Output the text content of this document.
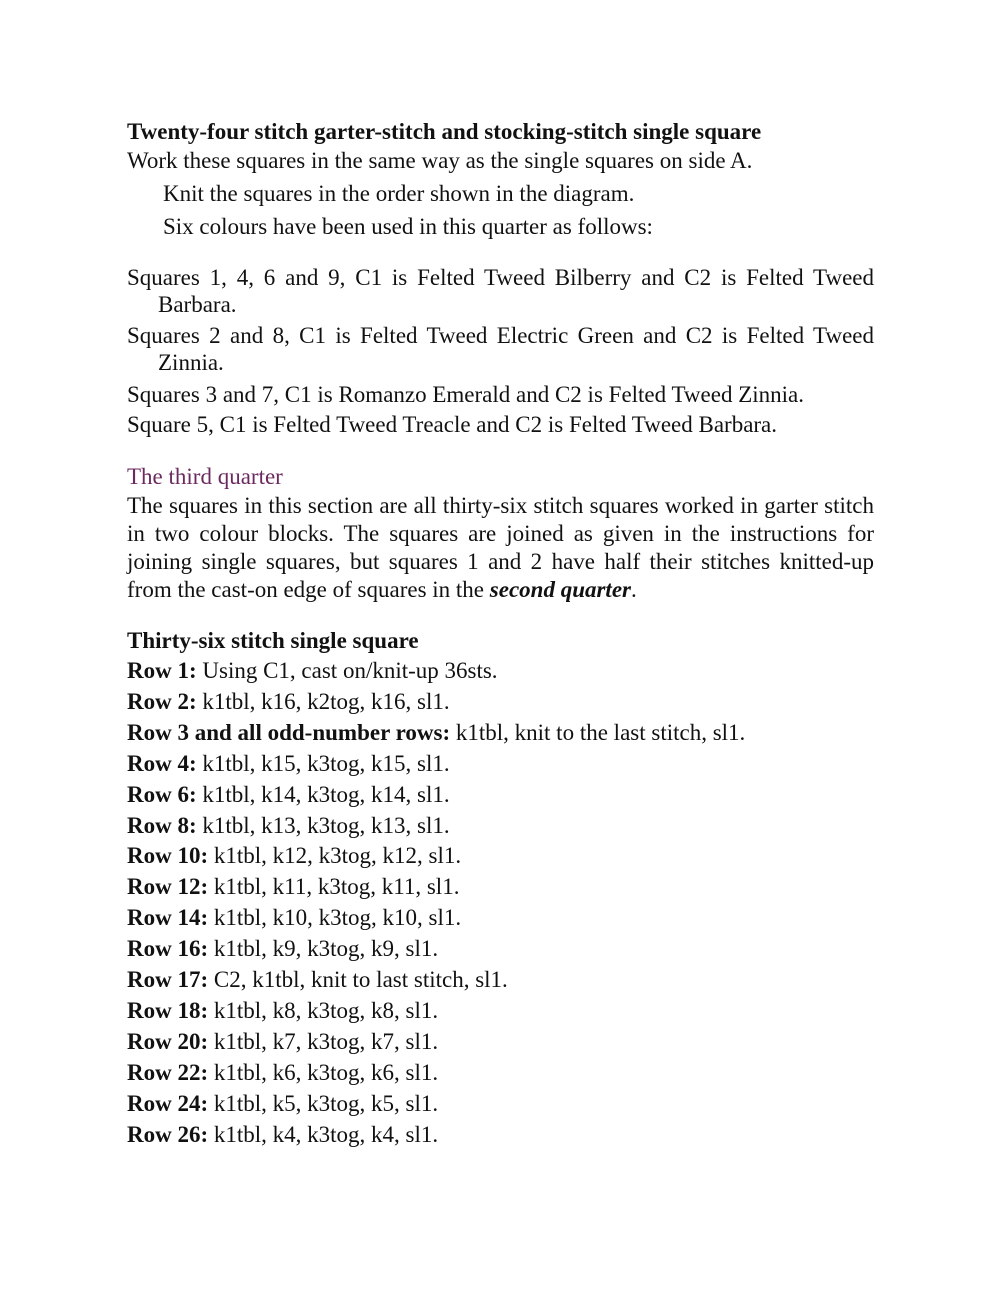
Twenty-four stitch garter-stitch and stocking-stitch single square
Work these squares in the same way as the single squares on side A.
Knit the squares in the order shown in the diagram.
Six colours have been used in this quarter as follows:
Squares 1, 4, 6 and 9, C1 is Felted Tweed Bilberry and C2 is Felted Tweed Barbara.
Squares 2 and 8, C1 is Felted Tweed Electric Green and C2 is Felted Tweed Zinnia.
Squares 3 and 7, C1 is Romanzo Emerald and C2 is Felted Tweed Zinnia.
Square 5, C1 is Felted Tweed Treacle and C2 is Felted Tweed Barbara.
The third quarter
The squares in this section are all thirty-six stitch squares worked in garter stitch in two colour blocks. The squares are joined as given in the instructions for joining single squares, but squares 1 and 2 have half their stitches knitted-up from the cast-on edge of squares in the second quarter.
Thirty-six stitch single square
Row 1: Using C1, cast on/knit-up 36sts.
Row 2: k1tbl, k16, k2tog, k16, sl1.
Row 3 and all odd-number rows: k1tbl, knit to the last stitch, sl1.
Row 4: k1tbl, k15, k3tog, k15, sl1.
Row 6: k1tbl, k14, k3tog, k14, sl1.
Row 8: k1tbl, k13, k3tog, k13, sl1.
Row 10: k1tbl, k12, k3tog, k12, sl1.
Row 12: k1tbl, k11, k3tog, k11, sl1.
Row 14: k1tbl, k10, k3tog, k10, sl1.
Row 16: k1tbl, k9, k3tog, k9, sl1.
Row 17: C2, k1tbl, knit to last stitch, sl1.
Row 18: k1tbl, k8, k3tog, k8, sl1.
Row 20: k1tbl, k7, k3tog, k7, sl1.
Row 22: k1tbl, k6, k3tog, k6, sl1.
Row 24: k1tbl, k5, k3tog, k5, sl1.
Row 26: k1tbl, k4, k3tog, k4, sl1.
